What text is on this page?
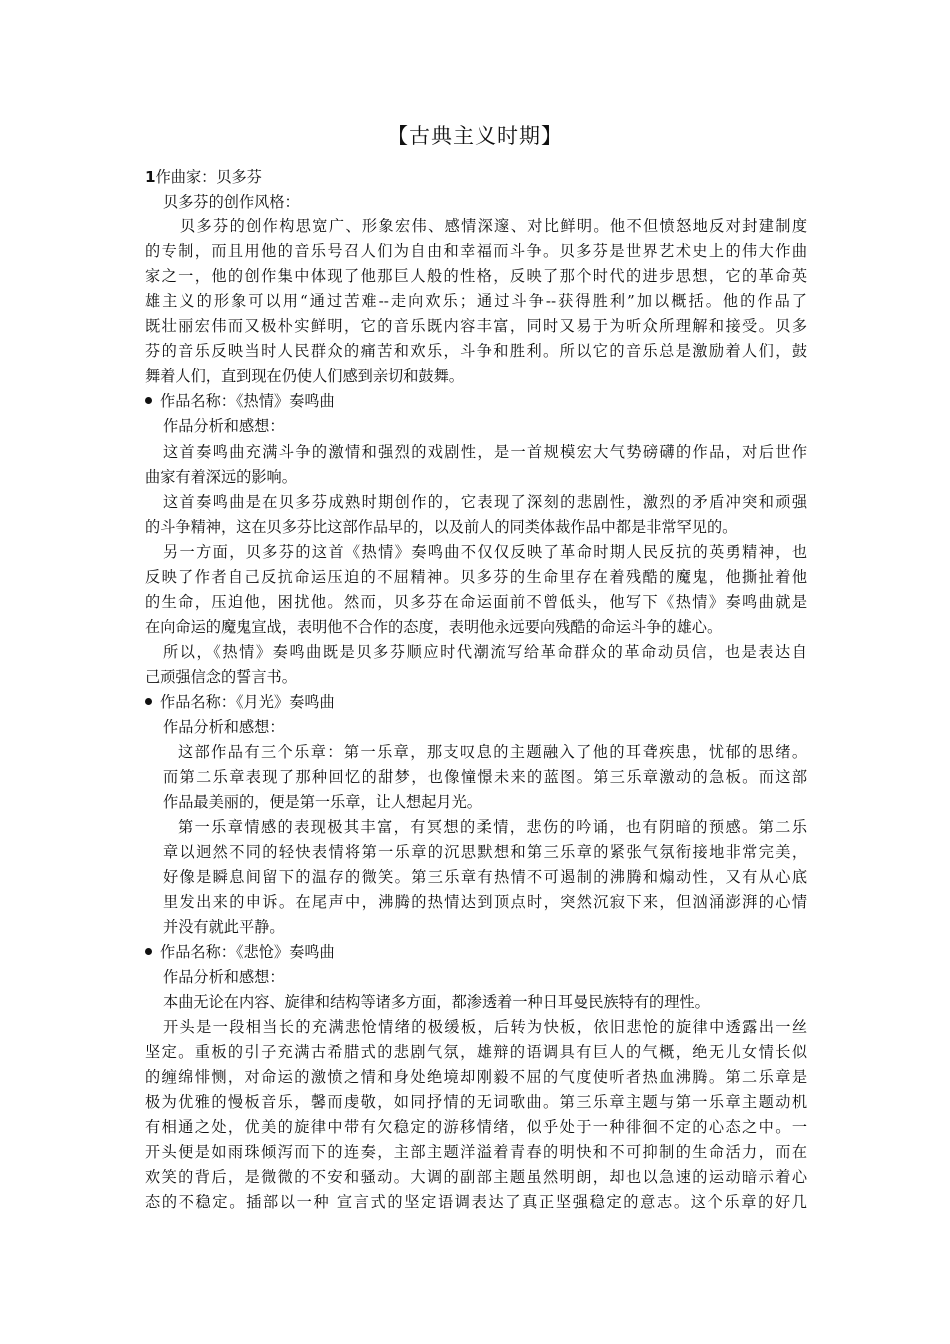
【古典主义时期】
1作曲家：贝多芬
贝多芬的创作风格：
贝多芬的创作构思宽广、形象宏伟、感情深邃、对比鲜明。他不但愤怒地反对封建制度
的专制，而且用他的音乐号召人们为自由和幸福而斗争。贝多芬是世界艺术史上的伟大作曲
家之一，他的创作集中体现了他那巨人般的性格，反映了那个时代的进步思想，它的革命英
雄主义的形象可以用“通过苦难--走向欢乐；通过斗争--获得胜利”加以概括。他的作品了
既壮丽宏伟而又极朴实鲜明，它的音乐既内容丰富，同时又易于为听众所理解和接受。贝多
芬的音乐反映当时人民群众的痛苦和欢乐，斗争和胜利。所以它的音乐总是激励着人们，鼓
舞着人们，直到现在仍使人们感到亲切和鼓舞。
作品名称：《热情》奏鸣曲
作品分析和感想：
这首奏鸣曲充满斗争的激情和强烈的戏剧性，是一首规模宏大气势磅礴的作品，对后世作
曲家有着深远的影响。
这首奏鸣曲是在贝多芬成熟时期创作的，它表现了深刻的悲剧性，激烈的矛盾冲突和顽强
的斗争精神，这在贝多芬比这部作品早的，以及前人的同类体裁作品中都是非常罕见的。
另一方面，贝多芬的这首《热情》奏鸣曲不仅仅反映了革命时期人民反抗的英勇精神，也
反映了作者自己反抗命运压迫的不屈精神。贝多芬的生命里存在着残酷的魔鬼，他撕扯着他
的生命，压迫他，困扰他。然而，贝多芬在命运面前不曾低头，他写下《热情》奏鸣曲就是
在向命运的魔鬼宣战，表明他不合作的态度，表明他永远要向残酷的命运斗争的雄心。
所以，《热情》奏鸣曲既是贝多芬顺应时代潮流写给革命群众的革命动员信，也是表达自
己顽强信念的誓言书。
作品名称：《月光》奏鸣曲
作品分析和感想：
这部作品有三个乐章：第一乐章，那支叹息的主题融入了他的耳聋疾患，忧郁的思绪。
而第二乐章表现了那种回忆的甜梦，也像憧憬未来的蓝图。第三乐章激动的急板。而这部
作品最美丽的，便是第一乐章，让人想起月光。
第一乐章情感的表现极其丰富，有冥想的柔情，悲伤的吟诵，也有阴暗的预感。第二乐
章以迥然不同的轻快表情将第一乐章的沉思默想和第三乐章的紧张气氛衔接地非常完美，
好像是瞬息间留下的温存的微笑。第三乐章有热情不可遏制的沸腾和煽动性，又有从心底
里发出来的申诉。在尾声中，沸腾的热情达到顶点时，突然沉寂下来，但汹涌澎湃的心情
并没有就此平静。
作品名称：《悲怆》奏鸣曲
作品分析和感想：
本曲无论在内容、旋律和结构等诸多方面，都渗透着一种日耳曼民族特有的理性。
开头是一段相当长的充满悲怆情绪的极缓板，后转为快板，依旧悲怆的旋律中透露出一丝
坚定。重板的引子充满古希腊式的悲剧气氛，雄辩的语调具有巨人的气概，绝无儿女情长似
的缠绵悱恻，对命运的激愤之情和身处绝境却刚毅不屈的气度使听者热血沸腾。第二乐章是
极为优雅的慢板音乐，馨而虔敬，如同抒情的无词歌曲。第三乐章主题与第一乐章主题动机
有相通之处，优美的旋律中带有欠稳定的游移情绪，似乎处于一种徘徊不定的心态之中。一
开头便是如雨珠倾泻而下的连奏，主部主题洋溢着青春的明快和不可抑制的生命活力，而在
欢笑的背后，是微微的不安和骚动。大调的副部主题虽然明朗，却也以急速的运动暗示着心
态的不稳定。插部以一种 宣言式的坚定语调表达了真正坚强稳定的意志。这个乐章的好几
